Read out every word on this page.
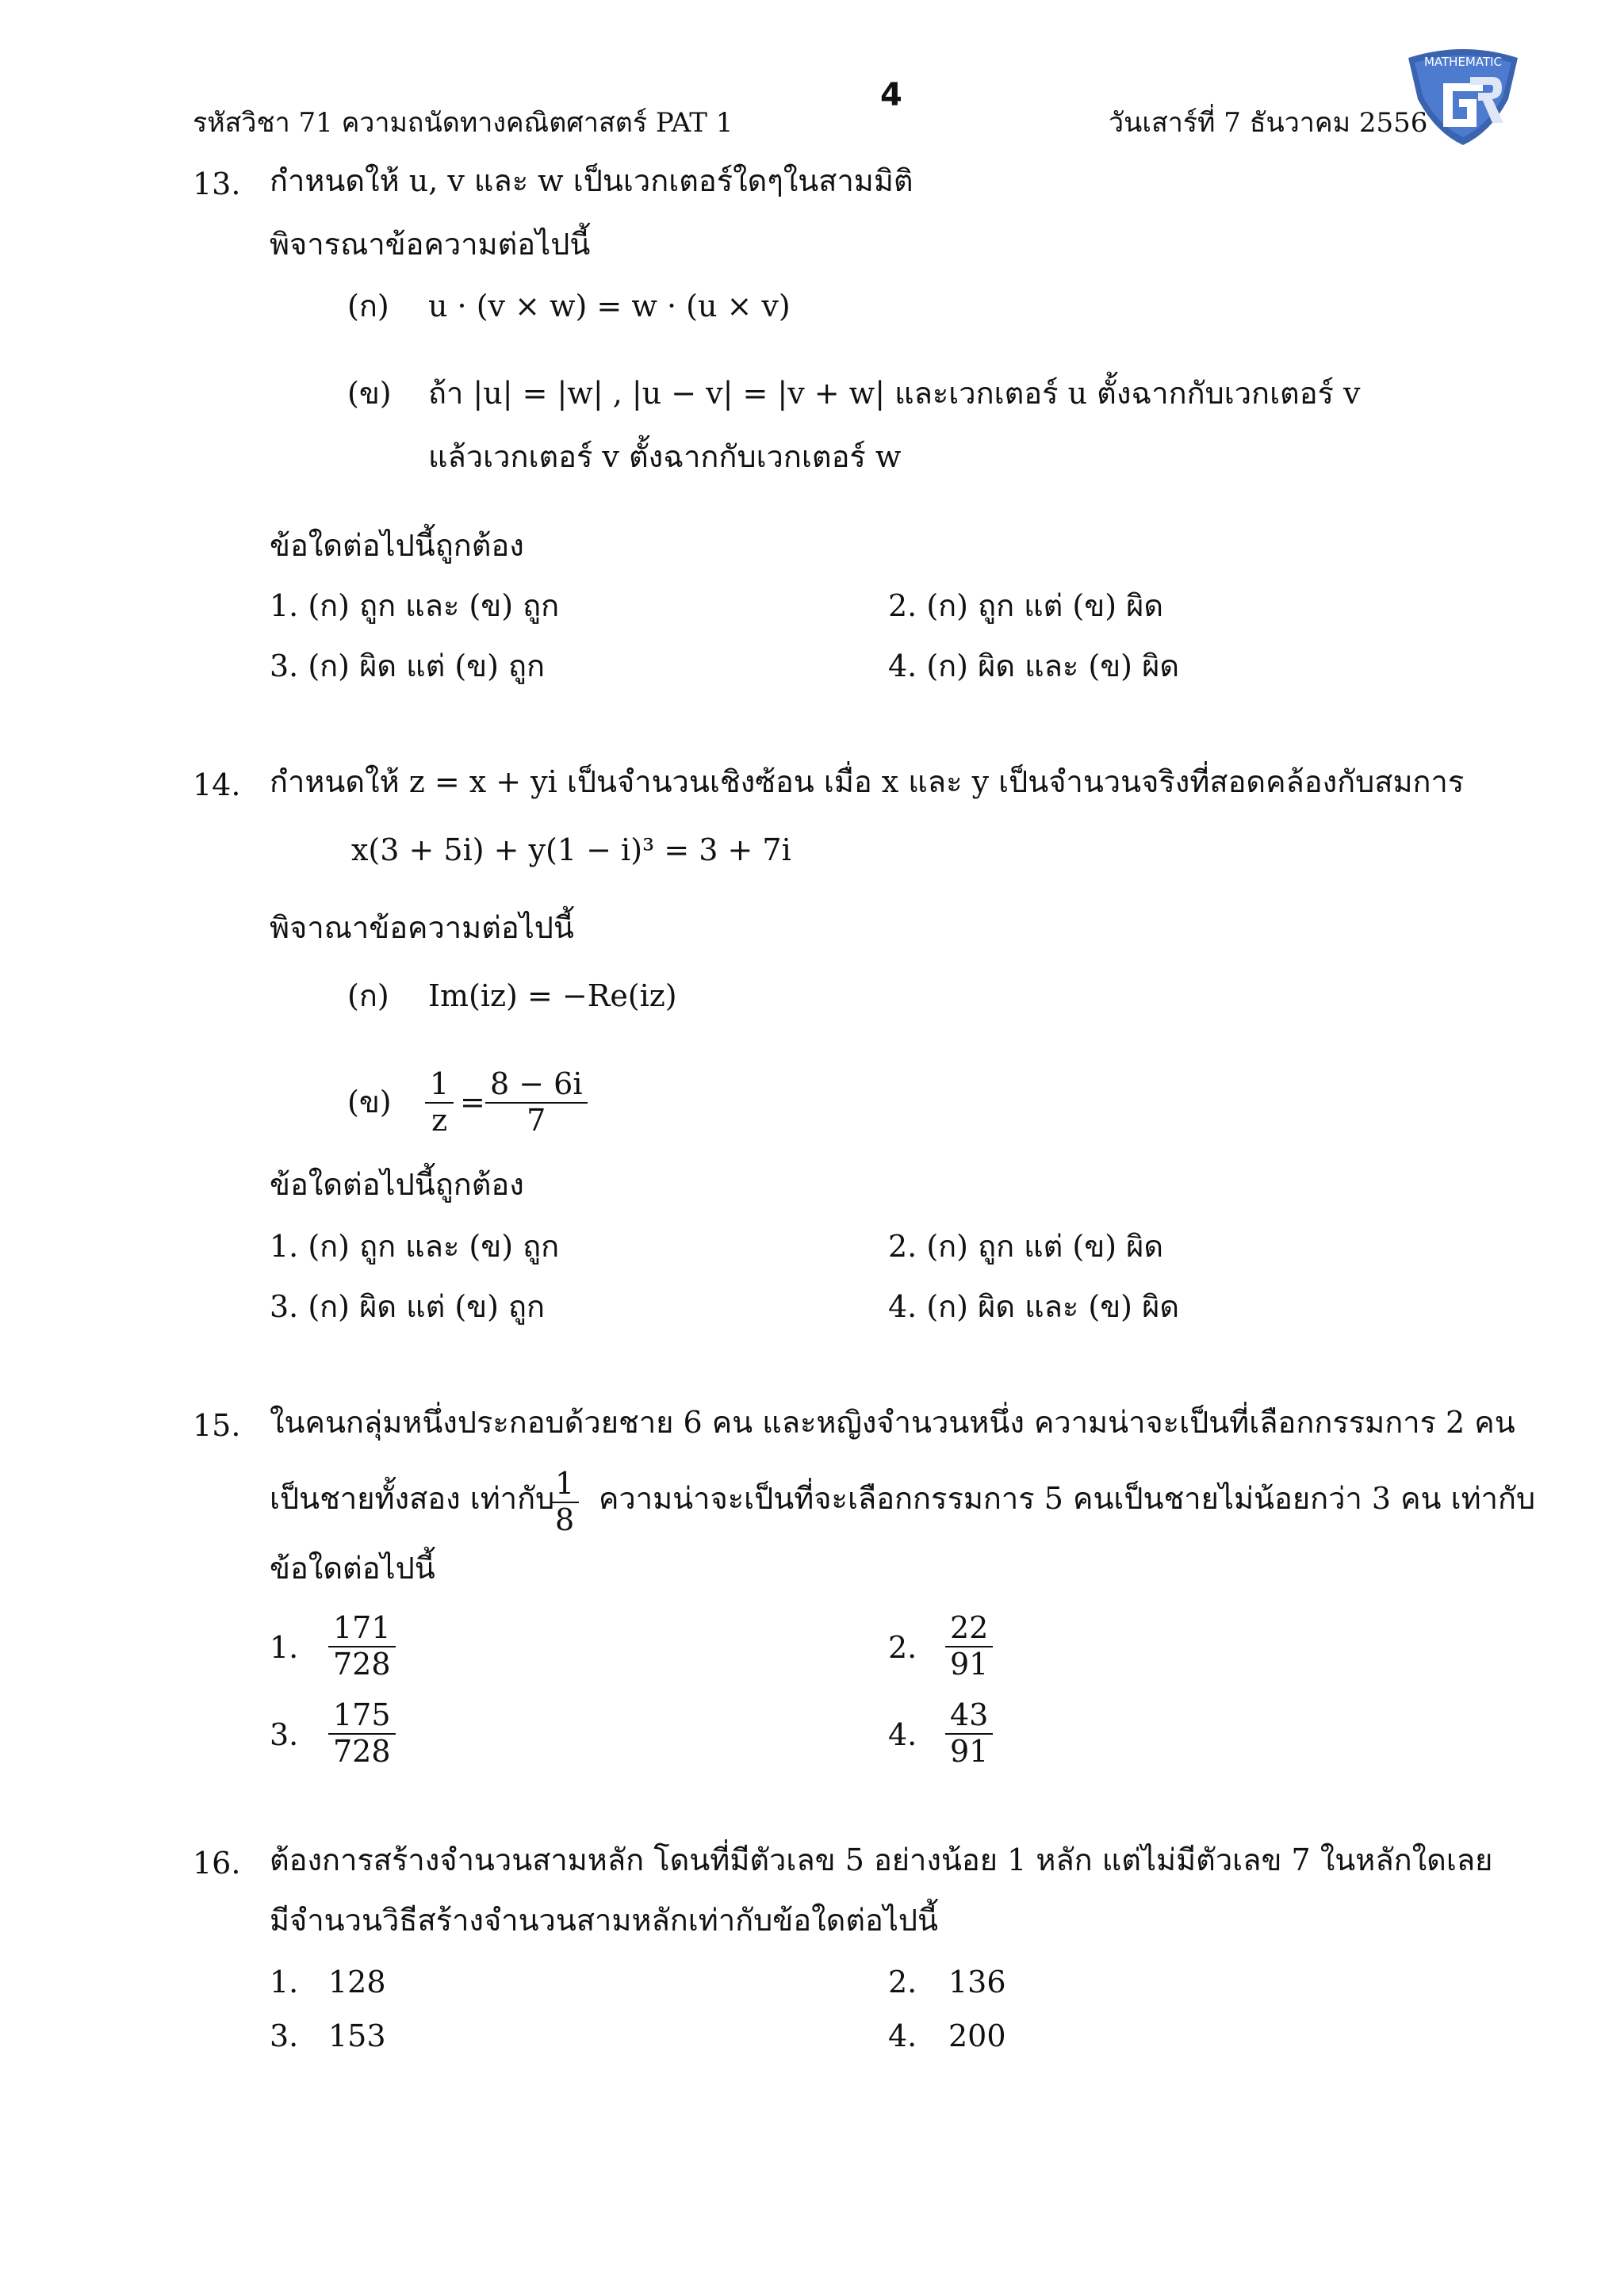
รหัสวิชา 71 ความถนัดทางคณิตศาสตร์ PAT 1
4
วันเสาร์ที่ 7 ธันวาคม 2556
MATHEMATIC
13. กำหนดให้ u, v และ w เป็นเวกเตอร์ใดๆในสามมิติ
พิจารณาข้อความต่อไปนี้
(ก) u · (v × w) = w · (u × v)
(ข) ถ้า |u| = |w| , |u − v| = |v + w| และเวกเตอร์ u ตั้งฉากกับเวกเตอร์ v
แล้วเวกเตอร์ v ตั้งฉากกับเวกเตอร์ w
ข้อใดต่อไปนี้ถูกต้อง
1. (ก) ถูก และ (ข) ถูก	2. (ก) ถูก แต่ (ข) ผิด
3. (ก) ผิด แต่ (ข) ถูก	4. (ก) ผิด และ (ข) ผิด
14. กำหนดให้ z = x + yi เป็นจำนวนเชิงซ้อน เมื่อ x และ y เป็นจำนวนจริงที่สอดคล้องกับสมการ
x(3 + 5i) + y(1 − i)³ = 3 + 7i
พิจาณาข้อความต่อไปนี้
(ก) Im(iz) = −Re(iz)
(ข) $\frac{1}{z} = \frac{8 - 6i}{7}$
ข้อใดต่อไปนี้ถูกต้อง
1. (ก) ถูก และ (ข) ถูก	2. (ก) ถูก แต่ (ข) ผิด
3. (ก) ผิด แต่ (ข) ถูก	4. (ก) ผิด และ (ข) ผิด
15. ในคนกลุ่มหนึ่งประกอบด้วยชาย 6 คน และหญิงจำนวนหนึ่ง ความน่าจะเป็นที่เลือกกรรมการ 2 คน
เป็นชายทั้งสอง เท่ากับ
$\frac{1}{8}$ ความน่าจะเป็นที่จะเลือกกรรมการ 5 คนเป็นชายไม่น้อยกว่า 3 คน เท่ากับ
ข้อใดต่อไปนี้
1. $\frac{171}{728}$	2. $\frac{22}{91}$
3. $\frac{175}{728}$	4. $\frac{43}{91}$
16. ต้องการสร้างจำนวนสามหลัก โดนที่มีตัวเลข 5 อย่างน้อย 1 หลัก แต่ไม่มีตัวเลข 7 ในหลักใดเลย
มีจำนวนวิธีสร้างจำนวนสามหลักเท่ากับข้อใดต่อไปนี้
1. 128	2. 136
3. 153	4. 200
